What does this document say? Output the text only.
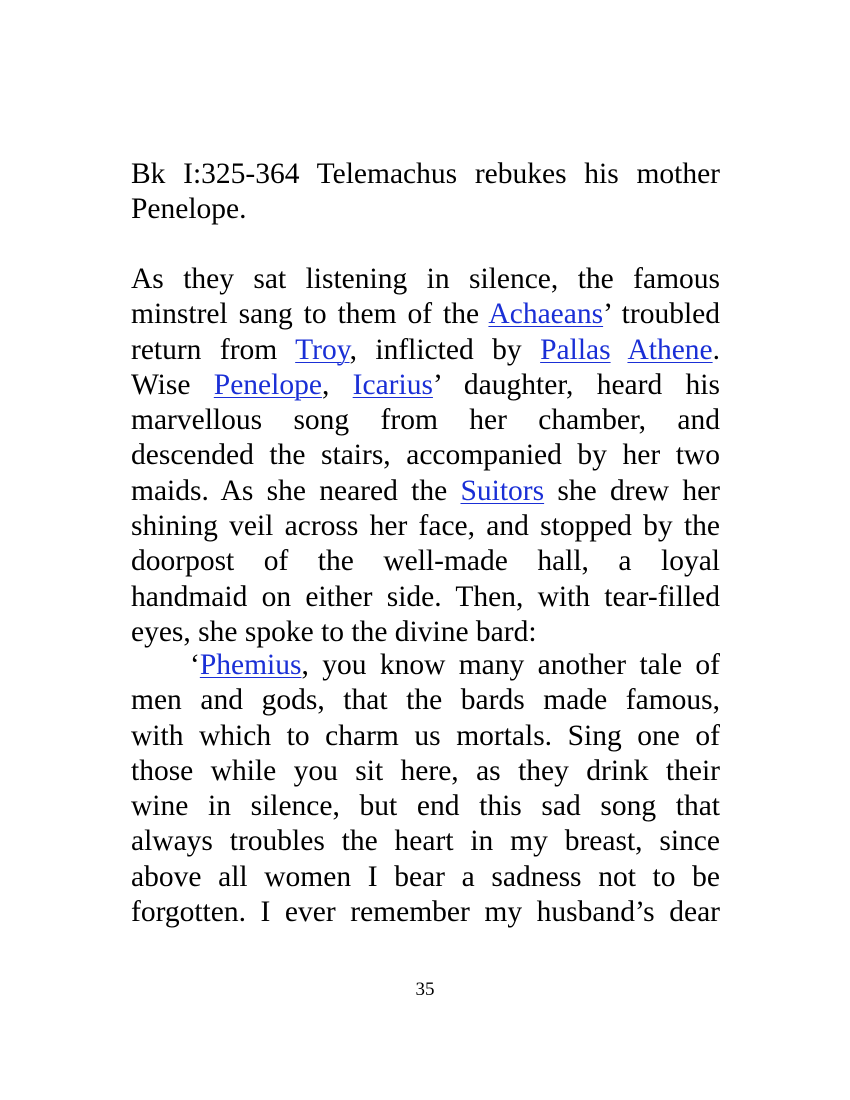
Bk I:325-364 Telemachus rebukes his mother
Penelope.
As they sat listening in silence, the famous
minstrel sang to them of the Achaeans’ troubled
return from Troy, inflicted by Pallas Athene.
Wise Penelope, Icarius’ daughter, heard his
marvellous song from her chamber, and
descended the stairs, accompanied by her two
maids. As she neared the Suitors she drew her
shining veil across her face, and stopped by the
doorpost of the well-made hall, a loyal
handmaid on either side. Then, with tear-filled
eyes, she spoke to the divine bard:
‘Phemius, you know many another tale of
men and gods, that the bards made famous,
with which to charm us mortals. Sing one of
those while you sit here, as they drink their
wine in silence, but end this sad song that
always troubles the heart in my breast, since
above all women I bear a sadness not to be
forgotten. I ever remember my husband’s dear
35
